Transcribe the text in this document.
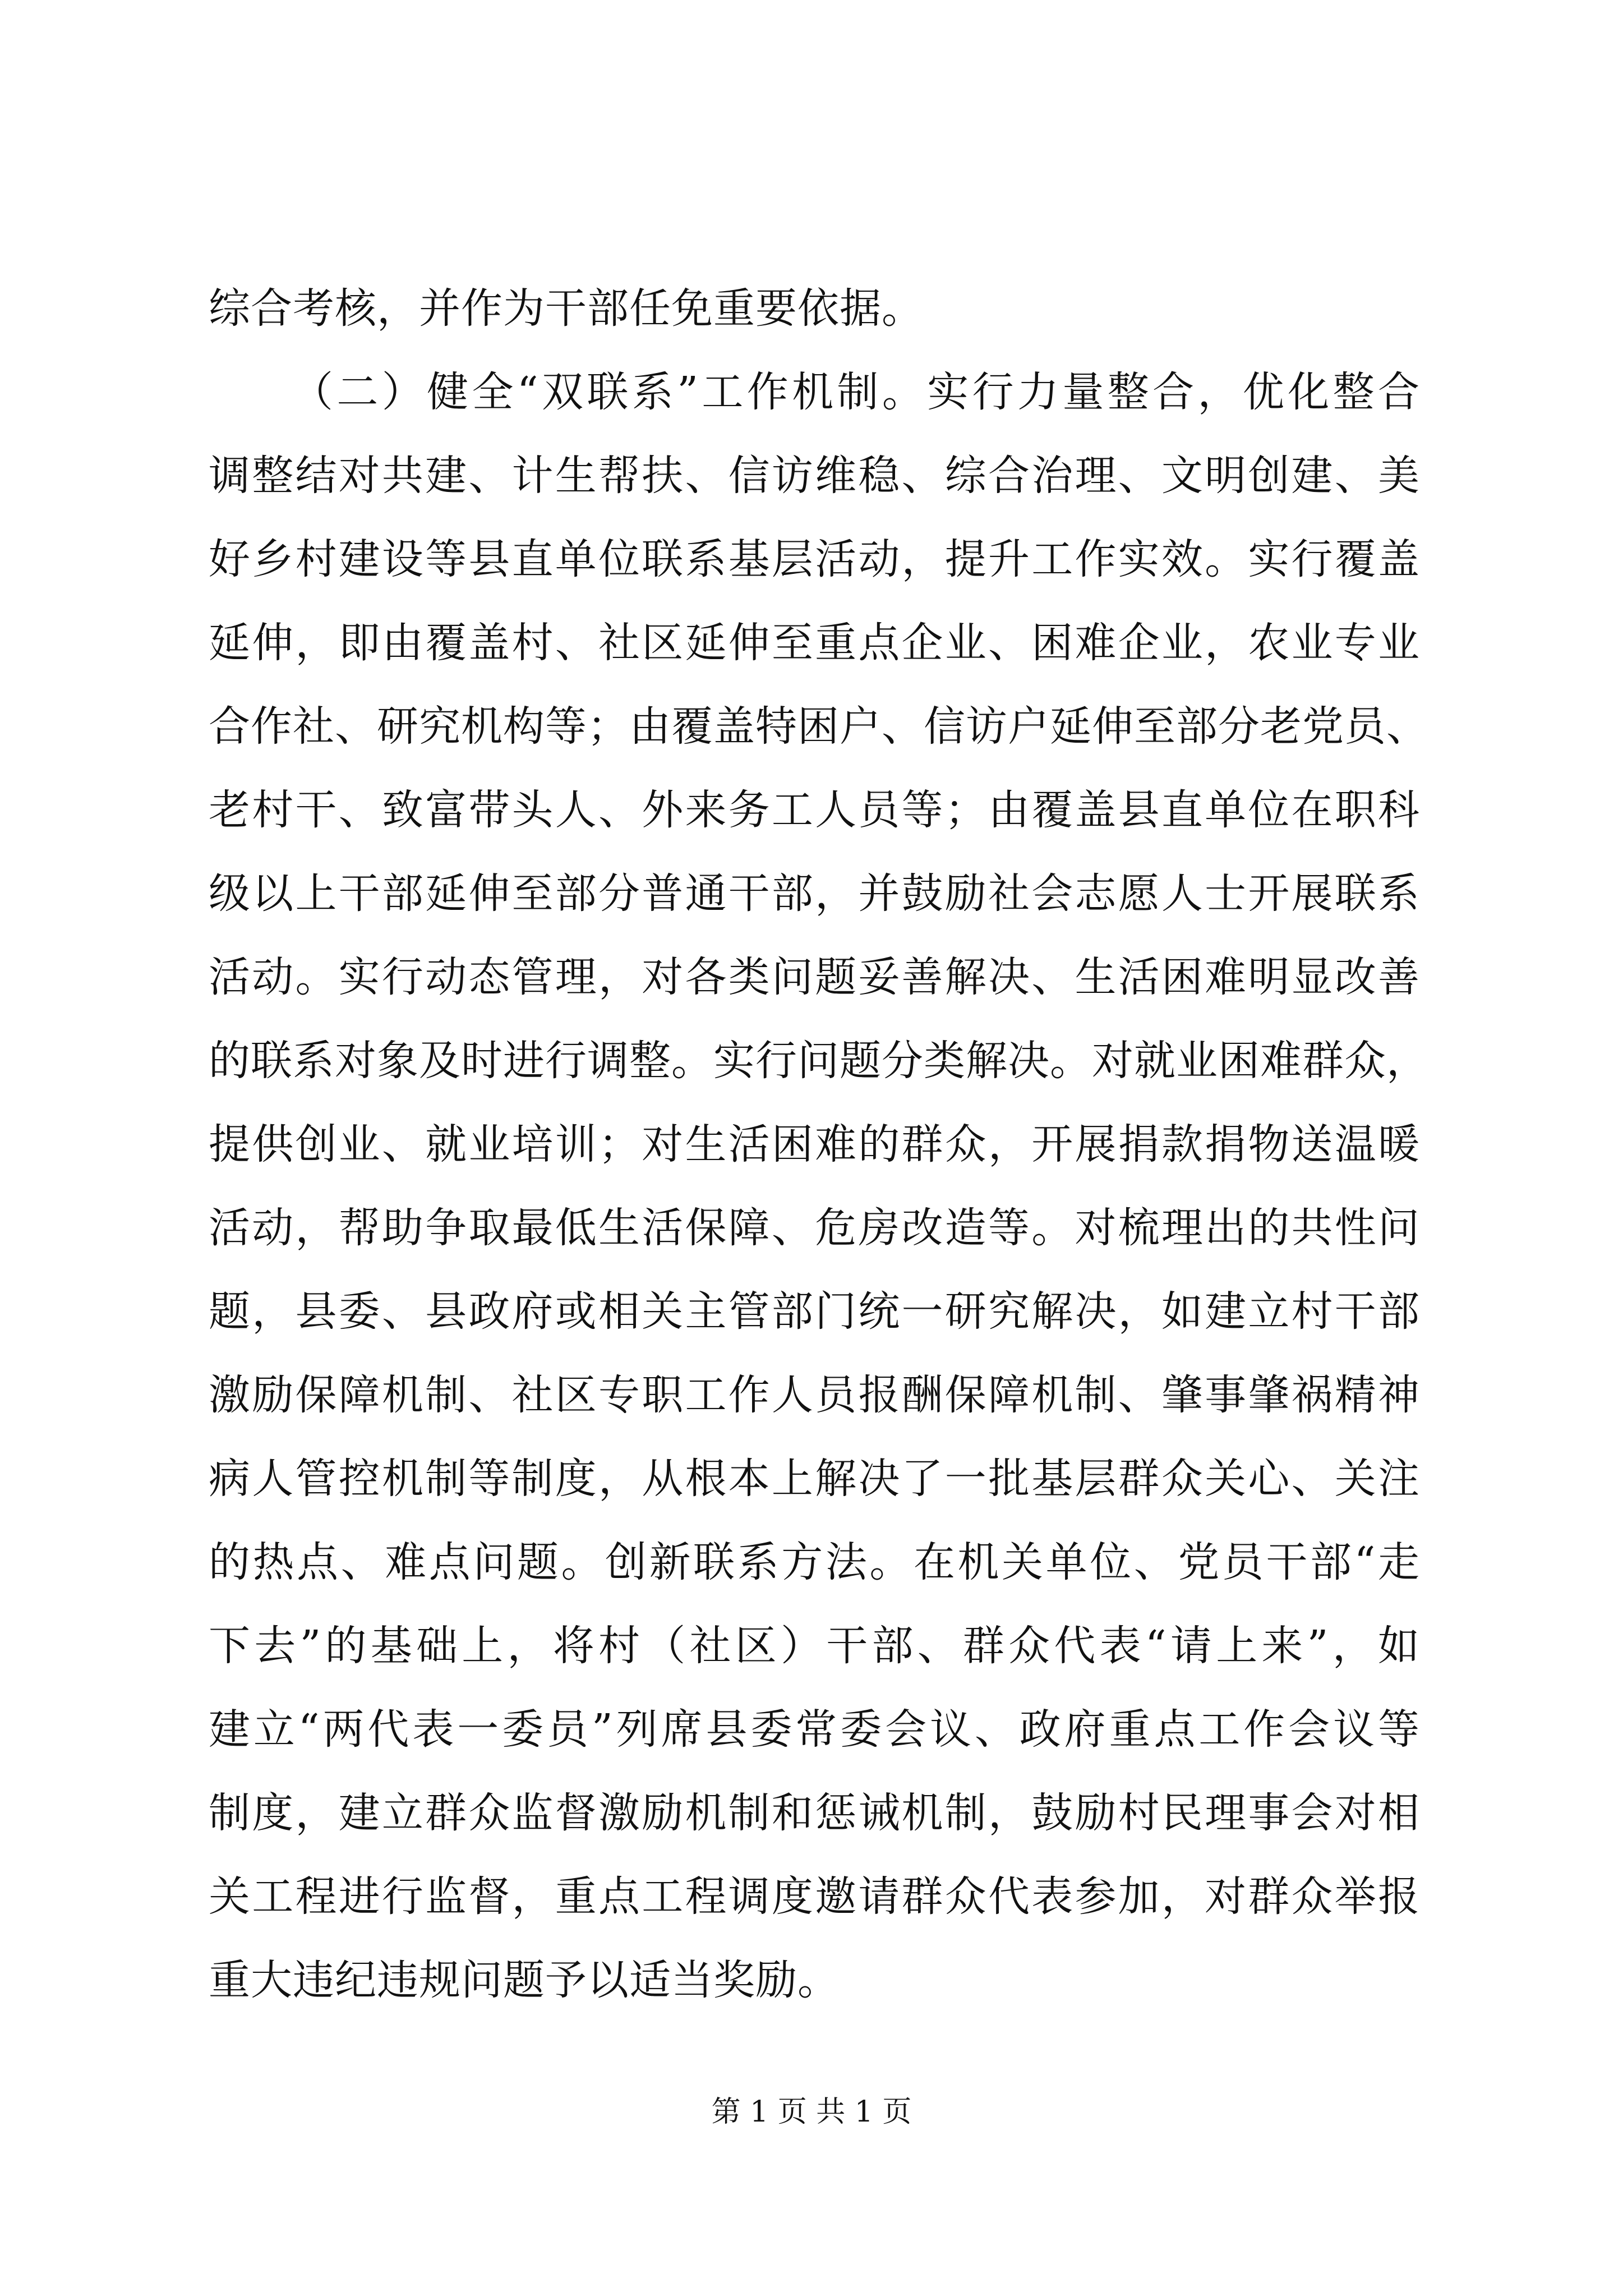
综合考核，并作为干部任免重要依据。
（二）健全“双联系”工作机制。实行力量整合，优化整合
调整结对共建、计生帮扶、信访维稳、综合治理、文明创建、美
好乡村建设等县直单位联系基层活动，提升工作实效。实行覆盖
延伸，即由覆盖村、社区延伸至重点企业、困难企业，农业专业
合作社、研究机构等；由覆盖特困户、信访户延伸至部分老党员、
老村干、致富带头人、外来务工人员等；由覆盖县直单位在职科
级以上干部延伸至部分普通干部，并鼓励社会志愿人士开展联系
活动。实行动态管理，对各类问题妥善解决、生活困难明显改善
的联系对象及时进行调整。实行问题分类解决。对就业困难群众，
提供创业、就业培训；对生活困难的群众，开展捐款捐物送温暖
活动，帮助争取最低生活保障、危房改造等。对梳理出的共性问
题，县委、县政府或相关主管部门统一研究解决，如建立村干部
激励保障机制、社区专职工作人员报酬保障机制、肇事肇祸精神
病人管控机制等制度，从根本上解决了一批基层群众关心、关注
的热点、难点问题。创新联系方法。在机关单位、党员干部“走
下去”的基础上，将村（社区）干部、群众代表“请上来”，如
建立“两代表一委员”列席县委常委会议、政府重点工作会议等
制度，建立群众监督激励机制和惩诫机制，鼓励村民理事会对相
关工程进行监督，重点工程调度邀请群众代表参加，对群众举报
重大违纪违规问题予以适当奖励。
第 1 页 共 1 页
